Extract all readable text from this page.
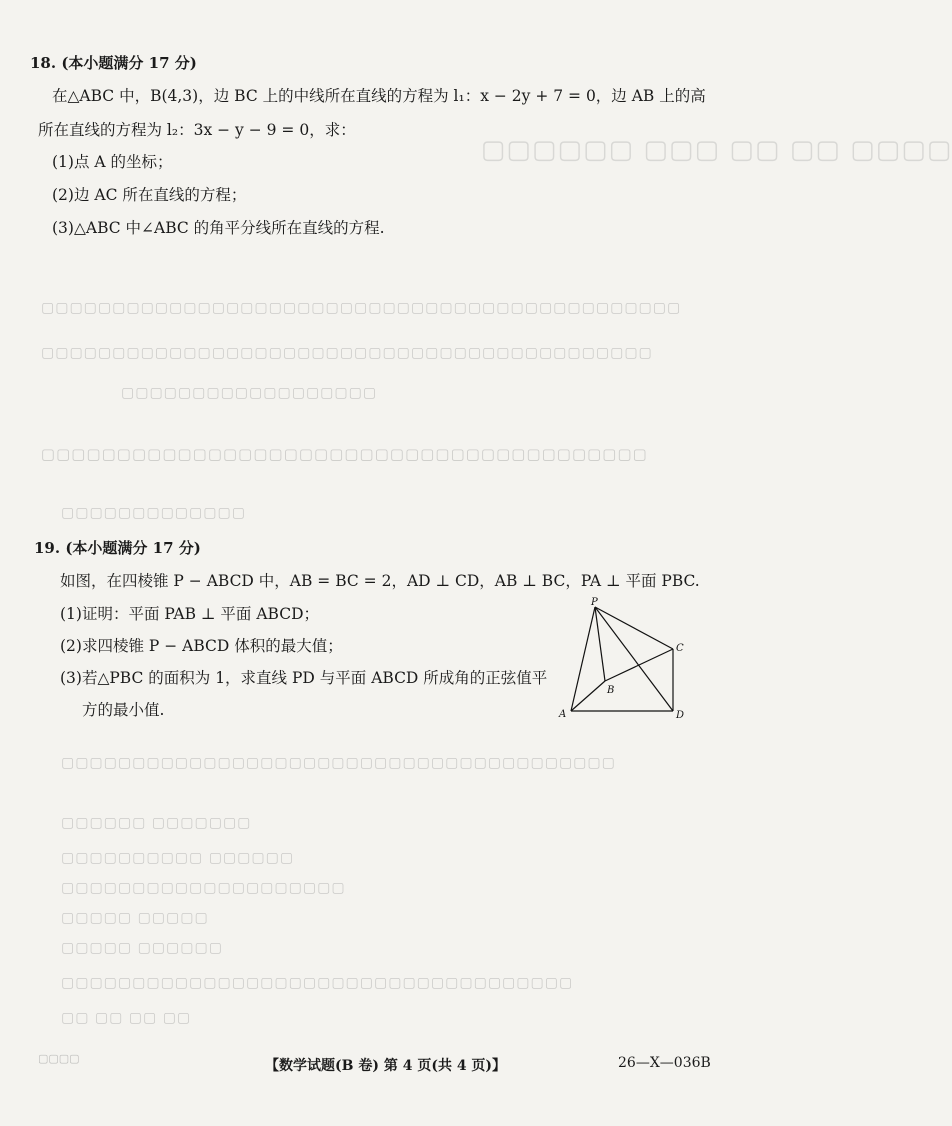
▢▢▢▢ ▢▢ ▢▢ ▢▢▢ ▢▢▢▢▢▢
▢▢▢▢▢▢▢▢▢▢▢▢▢▢▢▢▢▢▢▢▢▢▢▢▢▢▢▢▢▢▢▢▢▢▢▢▢▢▢▢▢▢▢▢▢
▢▢▢▢▢▢▢▢▢▢▢▢▢▢▢▢▢▢▢▢▢▢▢▢▢▢▢▢▢▢▢▢▢▢▢▢▢▢▢▢▢▢▢
▢▢▢▢▢▢▢▢▢▢▢▢▢▢▢▢▢▢
▢▢▢▢▢▢▢▢▢▢▢▢▢▢▢▢▢▢▢▢▢▢▢▢▢▢▢▢▢▢▢▢▢▢▢▢▢▢▢▢
▢▢▢▢▢▢▢▢▢▢▢▢▢
▢▢▢▢▢▢▢▢▢▢▢▢▢▢▢▢▢▢▢▢▢▢▢▢▢▢▢▢▢▢▢▢▢▢▢▢▢▢▢
▢▢▢▢▢▢▢ ▢▢▢▢▢▢
▢▢▢▢▢▢ ▢▢▢▢▢▢▢▢▢▢
▢▢▢▢▢▢▢▢▢▢▢▢▢▢▢▢▢▢▢▢
▢▢▢▢▢ ▢▢▢▢▢
▢▢▢▢▢▢ ▢▢▢▢▢
▢▢▢▢▢▢▢▢▢▢▢▢▢▢▢▢▢▢▢▢▢▢▢▢▢▢▢▢▢▢▢▢▢▢▢▢
▢▢ ▢▢ ▢▢ ▢▢
18. (本小题满分 17 分)
在△ABC 中，B(4,3)，边 BC 上的中线所在直线的方程为 l₁：x − 2y + 7 = 0，边 AB 上的高
所在直线的方程为 l₂：3x − y − 9 = 0，求：
(1)点 A 的坐标；
(2)边 AC 所在直线的方程；
(3)△ABC 中∠ABC 的角平分线所在直线的方程.
19. (本小题满分 17 分)
如图，在四棱锥 P − ABCD 中，AB = BC = 2，AD ⊥ CD，AB ⊥ BC，PA ⊥ 平面 PBC.
(1)证明：平面 PAB ⊥ 平面 ABCD；
(2)求四棱锥 P − ABCD 体积的最大值；
(3)若△PBC 的面积为 1，求直线 PD 与平面 ABCD 所成角的正弦值平
方的最小值.
P
A
B
C
D
▢▢▢▢	【数学试题(B 卷) 第 4 页(共 4 页)】	26—X—036B
